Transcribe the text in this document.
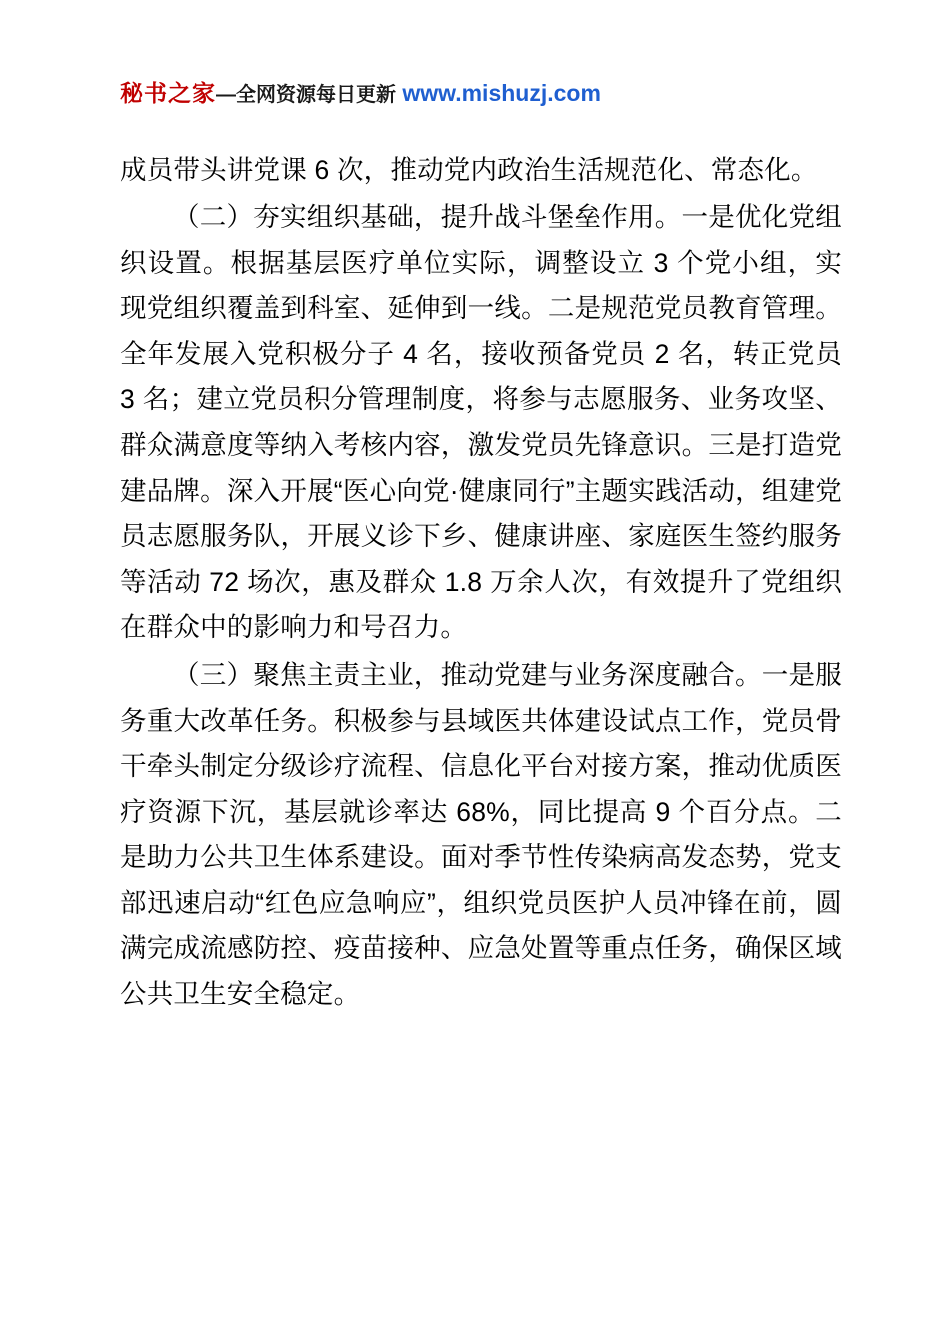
秘书之家—全网资源每日更新 www.mishuzj.com

成员带头讲党课 6 次，推动党内政治生活规范化、常态化。

（二）夯实组织基础，提升战斗堡垒作用。一是优化党组织设置。根据基层医疗单位实际，调整设立 3 个党小组，实现党组织覆盖到科室、延伸到一线。二是规范党员教育管理。全年发展入党积极分子 4 名，接收预备党员 2 名，转正党员 3 名；建立党员积分管理制度，将参与志愿服务、业务攻坚、群众满意度等纳入考核内容，激发党员先锋意识。三是打造党建品牌。深入开展“医心向党·健康同行”主题实践活动，组建党员志愿服务队，开展义诊下乡、健康讲座、家庭医生签约服务等活动 72 场次，惠及群众 1.8 万余人次，有效提升了党组织在群众中的影响力和号召力。

（三）聚焦主责主业，推动党建与业务深度融合。一是服务重大改革任务。积极参与县域医共体建设试点工作，党员骨干牵头制定分级诊疗流程、信息化平台对接方案，推动优质医疗资源下沉，基层就诊率达 68%，同比提高 9 个百分点。二是助力公共卫生体系建设。面对季节性传染病高发态势，党支部迅速启动“红色应急响应”，组织党员医护人员冲锋在前，圆满完成流感防控、疫苗接种、应急处置等重点任务，确保区域公共卫生安全稳定。
